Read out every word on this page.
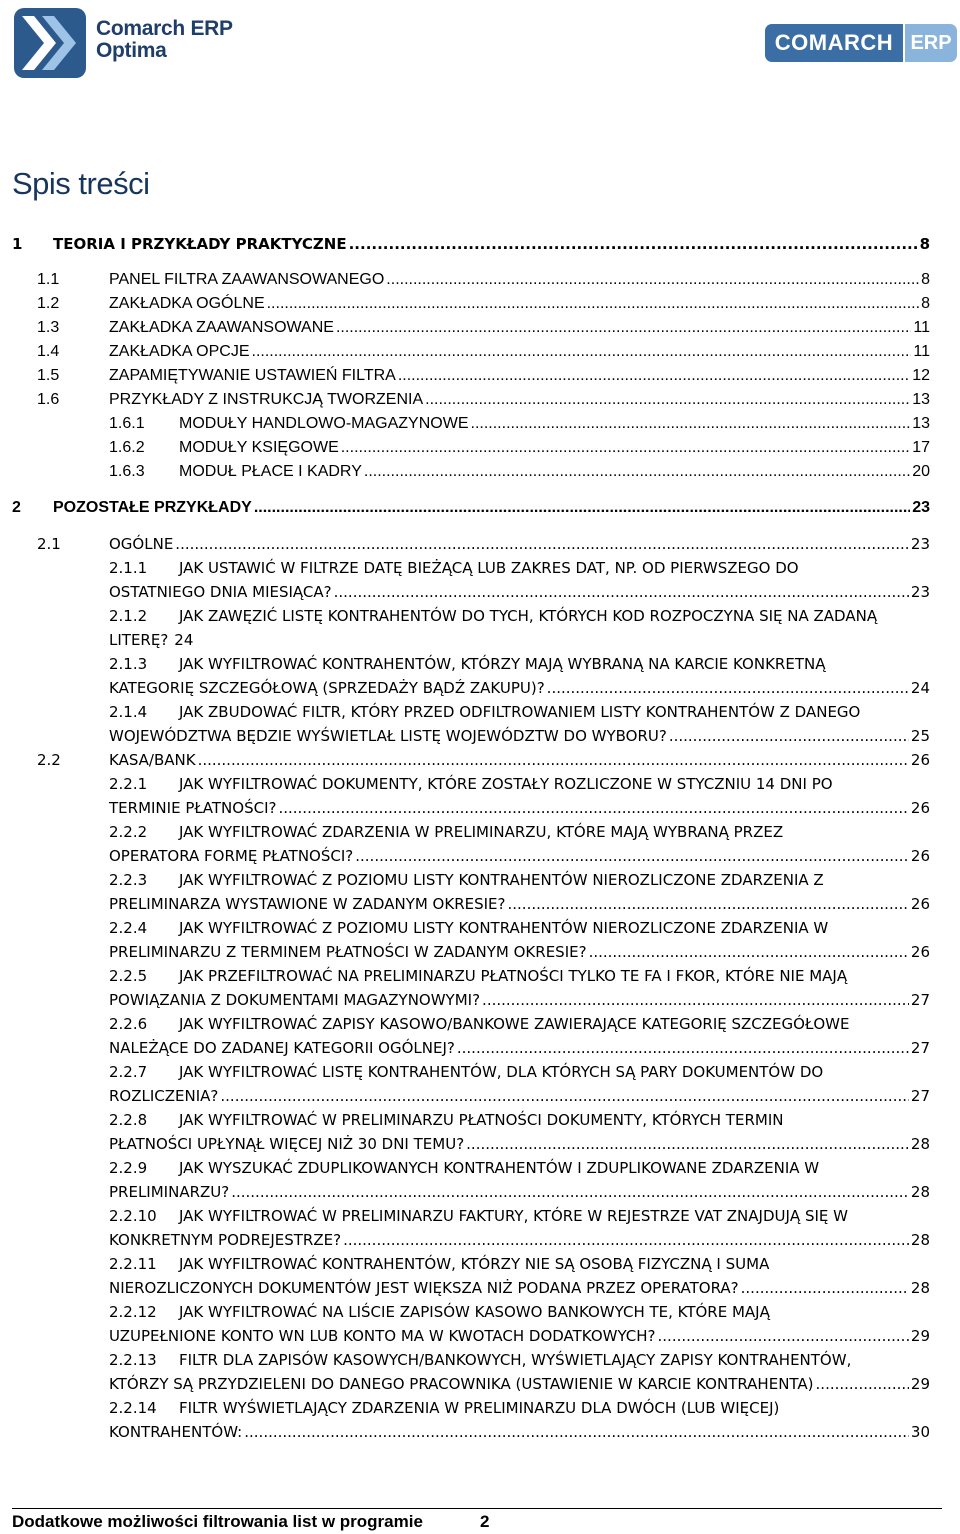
Comarch ERP
Optima	COMARCH ERP
Spis treści
1 TEORIA I PRZYKŁADY PRAKTYCZNE .....	8
1.1	PANEL FILTRA ZAAWANSOWANEGO .....	8
1.2	ZAKŁADKA OGÓLNE .....	8
1.3	ZAKŁADKA ZAAWANSOWANE .....	11
1.4	ZAKŁADKA OPCJE .....	11
1.5	ZAPAMIĘTYWANIE USTAWIEŃ FILTRA .....	12
1.6	PRZYKŁADY Z INSTRUKCJĄ TWORZENIA .....	13
1.6.1 MODUŁY HANDLOWO-MAGAZYNOWE .....	13
1.6.2 MODUŁY KSIĘGOWE .....	17
1.6.3 MODUŁ PŁACE I KADRY .....	20
2 POZOSTAŁE PRZYKŁADY .....	23
2.1	OGÓLNE .....	23
2.1.1 JAK USTAWIĆ W FILTRZE DATĘ BIEŻĄCĄ LUB ZAKRES DAT, NP. OD PIERWSZEGO DO
OSTATNIEGO DNIA MIESIĄCA? .....	23
2.1.2 JAK ZAWĘZIĆ LISTĘ KONTRAHENTÓW DO TYCH, KTÓRYCH KOD ROZPOCZYNA SIĘ NA ZADANĄ
LITERĘ? 24
2.1.3 JAK WYFILTROWAĆ KONTRAHENTÓW, KTÓRZY MAJĄ WYBRANĄ NA KARCIE KONKRETNĄ
KATEGORIĘ SZCZEGÓŁOWĄ (SPRZEDAŻY BĄDŹ ZAKUPU)? .....	24
2.1.4 JAK ZBUDOWAĆ FILTR, KTÓRY PRZED ODFILTROWANIEM LISTY KONTRAHENTÓW Z DANEGO
WOJEWÓDZTWA BĘDZIE WYŚWIETLAŁ LISTĘ WOJEWÓDZTW DO WYBORU? .....	25
2.2	KASA/BANK .....	26
2.2.1 JAK WYFILTROWAĆ DOKUMENTY, KTÓRE ZOSTAŁY ROZLICZONE W STYCZNIU 14 DNI PO
TERMINIE PŁATNOŚCI? .....	26
2.2.2 JAK WYFILTROWAĆ ZDARZENIA W PRELIMINARZU, KTÓRE MAJĄ WYBRANĄ PRZEZ
OPERATORA FORMĘ PŁATNOŚCI? .....	26
2.2.3 JAK WYFILTROWAĆ Z POZIOMU LISTY KONTRAHENTÓW NIEROZLICZONE ZDARZENIA Z
PRELIMINARZA WYSTAWIONE W ZADANYM OKRESIE? .....	26
2.2.4 JAK WYFILTROWAĆ Z POZIOMU LISTY KONTRAHENTÓW NIEROZLICZONE ZDARZENIA W
PRELIMINARZU Z TERMINEM PŁATNOŚCI W ZADANYM OKRESIE? .....	26
2.2.5 JAK PRZEFILTROWAĆ NA PRELIMINARZU PŁATNOŚCI TYLKO TE FA I FKOR, KTÓRE NIE MAJĄ
POWIĄZANIA Z DOKUMENTAMI MAGAZYNOWYMI? .....	27
2.2.6 JAK WYFILTROWAĆ ZAPISY KASOWO/BANKOWE ZAWIERAJĄCE KATEGORIĘ SZCZEGÓŁOWE
NALEŻĄCE DO ZADANEJ KATEGORII OGÓLNEJ? .....	27
2.2.7 JAK WYFILTROWAĆ LISTĘ KONTRAHENTÓW, DLA KTÓRYCH SĄ PARY DOKUMENTÓW DO
ROZLICZENIA? .....	27
2.2.8 JAK WYFILTROWAĆ W PRELIMINARZU PŁATNOŚCI DOKUMENTY, KTÓRYCH TERMIN
PŁATNOŚCI UPŁYNĄŁ WIĘCEJ NIŻ 30 DNI TEMU? .....	28
2.2.9 JAK WYSZUKAĆ ZDUPLIKOWANYCH KONTRAHENTÓW I ZDUPLIKOWANE ZDARZENIA W
PRELIMINARZU? .....	28
2.2.10 JAK WYFILTROWAĆ W PRELIMINARZU FAKTURY, KTÓRE W REJESTRZE VAT ZNAJDUJĄ SIĘ W
KONKRETNYM PODREJESTRZE? .....	28
2.2.11 JAK WYFILTROWAĆ KONTRAHENTÓW, KTÓRZY NIE SĄ OSOBĄ FIZYCZNĄ I SUMA
NIEROZLICZONYCH DOKUMENTÓW JEST WIĘKSZA NIŻ PODANA PRZEZ OPERATORA? .....	28
2.2.12 JAK WYFILTROWAĆ NA LIŚCIE ZAPISÓW KASOWO BANKOWYCH TE, KTÓRE MAJĄ
UZUPEŁNIONE KONTO WN LUB KONTO MA W KWOTACH DODATKOWYCH? .....	29
2.2.13 FILTR DLA ZAPISÓW KASOWYCH/BANKOWYCH, WYŚWIETLAJĄCY ZAPISY KONTRAHENTÓW,
KTÓRZY SĄ PRZYDZIELENI DO DANEGO PRACOWNIKA (USTAWIENIE W KARCIE KONTRAHENTA) .....	29
2.2.14 FILTR WYŚWIETLAJĄCY ZDARZENIA W PRELIMINARZU DLA DWÓCH (LUB WIĘCEJ)
KONTRAHENTÓW: .....	30
Dodatkowe możliwości filtrowania list w programie	2
